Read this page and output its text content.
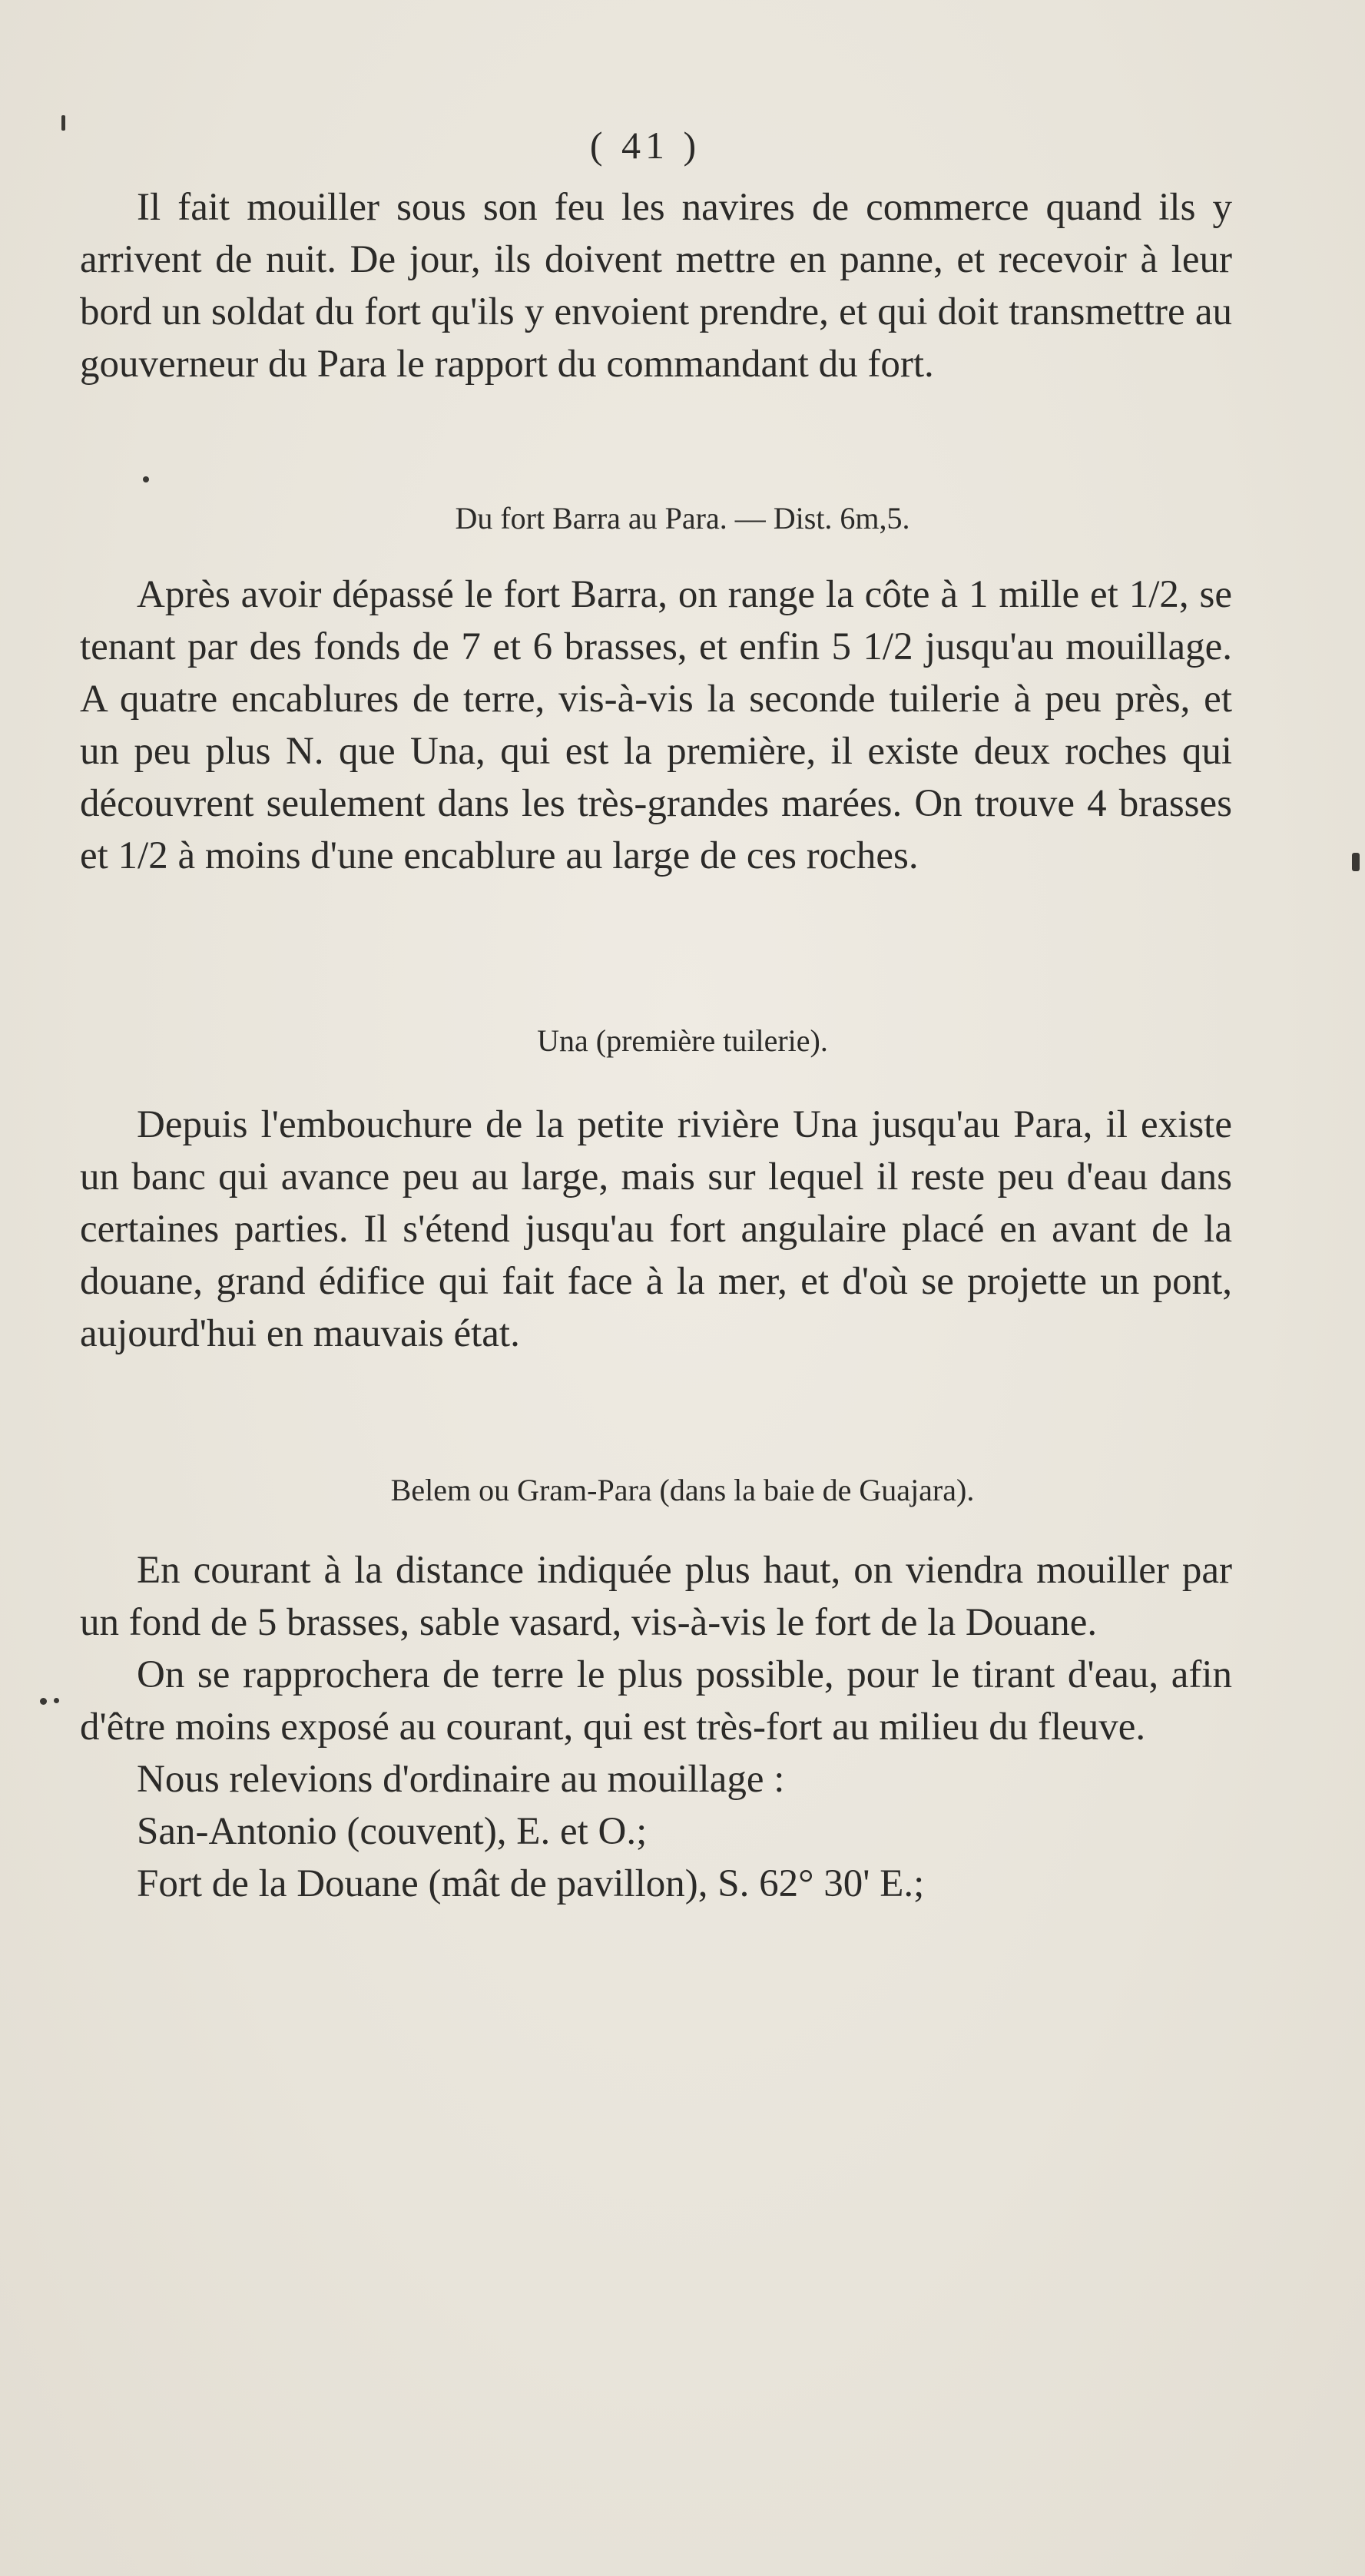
( 41 )

Il fait mouiller sous son feu les navires de commerce quand ils y arrivent de nuit. De jour, ils doivent mettre en panne, et recevoir à leur bord un soldat du fort qu'ils y envoient prendre, et qui doit transmettre au gouverneur du Para le rapport du commandant du fort.

Du fort Barra au Para. — Dist. 6m,5.

Après avoir dépassé le fort Barra, on range la côte à 1 mille et 1/2, se tenant par des fonds de 7 et 6 brasses, et enfin 5 1/2 jusqu'au mouillage. A quatre encablures de terre, vis-à-vis la seconde tuilerie à peu près, et un peu plus N. que Una, qui est la première, il existe deux roches qui découvrent seulement dans les très-grandes marées. On trouve 4 brasses et 1/2 à moins d'une encablure au large de ces roches.

Una (première tuilerie).

Depuis l'embouchure de la petite rivière Una jusqu'au Para, il existe un banc qui avance peu au large, mais sur lequel il reste peu d'eau dans certaines parties. Il s'étend jusqu'au fort angulaire placé en avant de la douane, grand édifice qui fait face à la mer, et d'où se projette un pont, aujourd'hui en mauvais état.

Belem ou Gram-Para (dans la baie de Guajara).

En courant à la distance indiquée plus haut, on viendra mouiller par un fond de 5 brasses, sable vasard, vis-à-vis le fort de la Douane.

On se rapprochera de terre le plus possible, pour le tirant d'eau, afin d'être moins exposé au courant, qui est très-fort au milieu du fleuve.

Nous relevions d'ordinaire au mouillage :

San-Antonio (couvent), E. et O.;

Fort de la Douane (mât de pavillon), S. 62° 30' E.;
